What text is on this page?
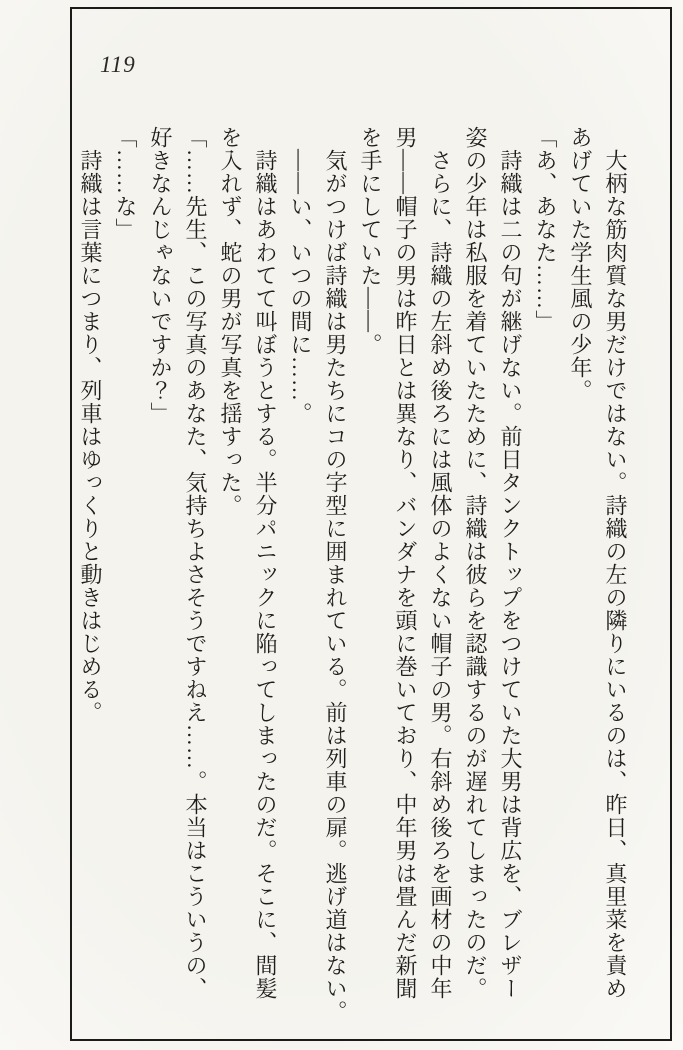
119

　大柄な筋肉質な男だけではない。詩織の左の隣りにいるのは、昨日、真里菜を責め

あげていた学生風の少年。

「あ、あなた……」

　詩織は二の句が継げない。前日タンクトップをつけていた大男は背広を、ブレザー

姿の少年は私服を着ていたために、詩織は彼らを認識するのが遅れてしまったのだ。

　さらに、詩織の左斜め後ろには風体のよくない帽子の男。右斜め後ろを画材の中年

男——帽子の男は昨日とは異なり、バンダナを頭に巻いており、中年男は畳んだ新聞

を手にしていた——。

　気がつけば詩織は男たちにコの字型に囲まれている。前は列車の扉。逃げ道はない。

　——い、いつの間に……。

　詩織はあわてて叫ぼうとする。半分パニックに陥ってしまったのだ。そこに、間髪

を入れず、蛇の男が写真を揺すった。

「……先生、この写真のあなた、気持ちよさそうですねえ……。本当はこういうの、

好きなんじゃないですか？」

「……な」

　詩織は言葉につまり、列車はゆっくりと動きはじめる。
